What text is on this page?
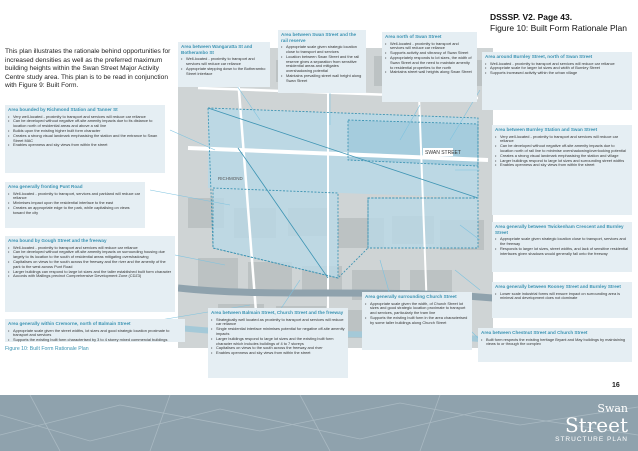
DSSSP. V2. Page 43.
Figure 10: Built Form Rationale Plan
This plan illustrates the rationale behind opportunities for increased densities as well as the preferred maximum building heights within the Swan Street Major Activity Centre study area. This plan is to be read in conjunction with Figure 9: Built Form.
SWAN STREET
RICHMOND
Area between Wangaratta St and Botherambo St
• Well-located - proximity to transport and services will reduce car reliance
• Appropriate stepping down to the Botherambo Street interface
Area between Swan Street and the rail reserve
• Appropriate scale given strategic location close to transport and services
• Location between Swan Street and the rail reserve gives a separation from sensitive residential areas and mitigates overshadowing potential
• Maintains prevailing street wall height along Swan Street
Area north of Swan Street
• Well-located - proximity to transport and services will reduce car reliance
• Supports activity and vibrancy of Swan Street
• Appropriately responds to lot sizes, the width of Swan Street and the need to maintain amenity to residential properties to the north
• Maintains street wall heights along Swan Street
Area around Burnley Street, north of Swan Street
• Well-located - proximity to transport and services will reduce car reliance
• Appropriate scale for larger lot sizes and width of Burnley Street
• Supports increased activity within the urban village
Area bounded by Richmond Station and Tanner St
• Very well-located - proximity to transport and services will reduce car reliance
• Can be developed without negative off-site amenity impacts due to its distance to location north of residential areas and above a rail line
• Builds upon the existing higher built form character
• Creates a strong visual landmark emphasising the station and the entrance to Swan Street MAC
• Enables openness and sky views from within the street
Area between Burnley Station and Swan Street
• Very well-located - proximity to transport and services will reduce car reliance
• Can be developed without negative off-site amenity impacts due to location north of rail line to minimise overshadowing/overlooking potential
• Creates a strong visual landmark emphasising the station and village
• Larger buildings respond to large lot sizes and surrounding street widths
• Enables openness and sky views from within the street
Area generally fronting Punt Road
• Well-located - proximity to transport, services and parkland will reduce car reliance
• Minimises impact upon the residential interface to the east
• Creates an appropriate edge to the park, while capitalising on views toward the city
Area generally between Twickenham Crescent and Burnley Street
• Appropriate scale given strategic location close to transport, services and the freeway
• Responds to larger lot sizes, street widths, and lack of sensitive residential interfaces given shadows would generally fall onto the freeway
Area bound by Gough Street and the freeway
• Well-located - proximity to transport and services will reduce car reliance
• Can be developed without negative off-site amenity impacts on surrounding housing due largely to its location to the south of residential areas mitigating overshadowing
• Capitalises on views to the south across the freeway and the river and the amenity of the park to the west across Punt Road
• Larger buildings can respond to large lot sizes and the taller established built form character
• Accords with Mallings precinct Comprehensive Development Zone (CDZ3)
Area generally between Rooney Street and Burnley Street
• Lower scale industrial forms will ensure impact on surrounding area is minimal and development does not dominate
Area generally surrounding Church Street
• Appropriate scale given the width, of Church Street lot sizes and good strategic location proximate to transport and services, particularly the tram line
• Supports the existing built form in the area characterised by some taller buildings along Church Street
Area between Balmain Street, Church Street and the freeway
• Strategically well located as proximity to transport and services will reduce car reliance
• Single residential interface minimises potential for negative off-site amenity impacts
• Larger buildings respond to large lot sizes and the existing built form character which includes buildings of 4 to 7 storeys
• Capitalises on views to the south across the freeway and river
• Enables openness and sky views from within the street
Area generally within Cremorne, north of Balmain Street
• Appropriate scale given the street widths, lot sizes and good strategic location proximate to transport and services
• Supports the existing built form characterised by 3 to 4 storey mixed commercial buildings
Area between Chestnut Street and Church Street
• Built form respects the existing heritage Bryant and May buildings by maintaining views to or through the complex
Figure 10: Built Form Rationale Plan
16
Swan
Street
STRUCTURE PLAN
